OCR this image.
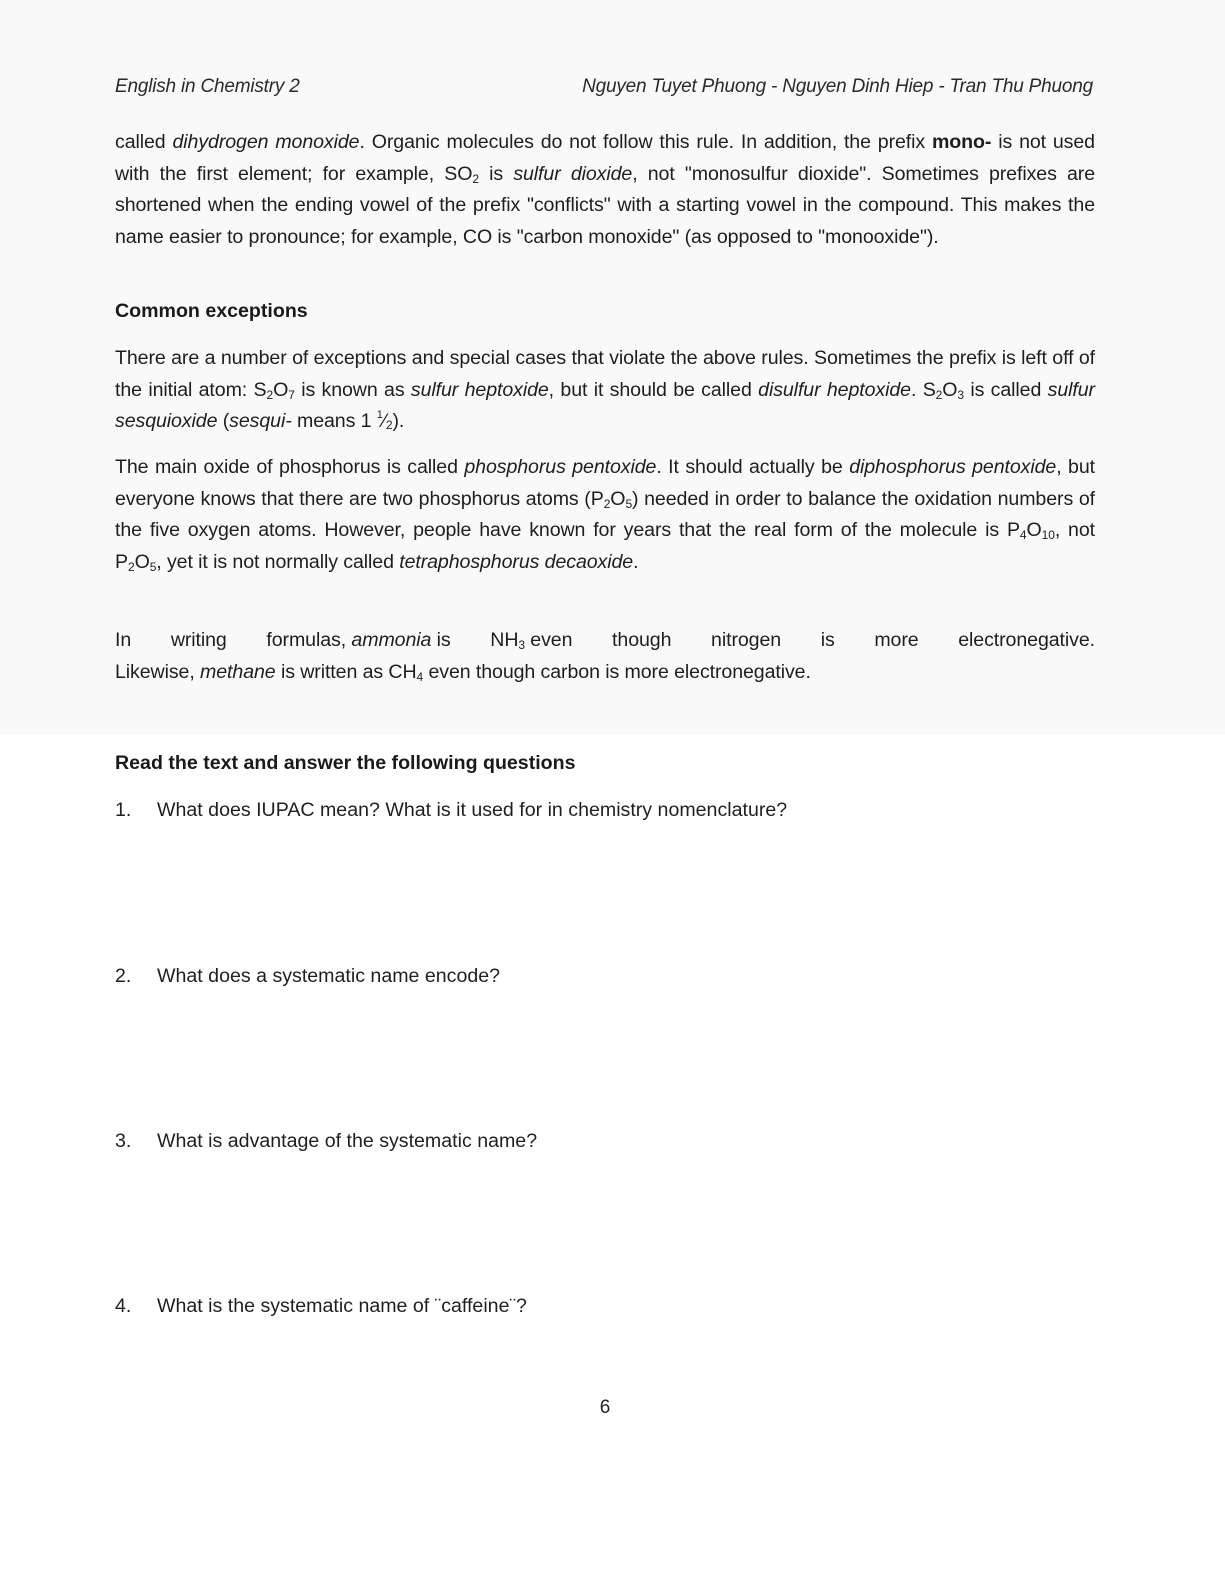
English in Chemistry 2	Nguyen Tuyet Phuong - Nguyen Dinh Hiep - Tran Thu Phuong
called dihydrogen monoxide. Organic molecules do not follow this rule. In addition, the prefix mono- is not used with the first element; for example, $SO_2$ is sulfur dioxide, not "monosulfur dioxide". Sometimes prefixes are shortened when the ending vowel of the prefix "conflicts" with a starting vowel in the compound. This makes the name easier to pronounce; for example, CO is "carbon monoxide" (as opposed to "monooxide").
Common exceptions
There are a number of exceptions and special cases that violate the above rules. Sometimes the prefix is left off of the initial atom: $S_2O_7$ is known as sulfur heptoxide, but it should be called disulfur heptoxide. $S_2O_3$ is called sulfur sesquioxide (sesqui- means 1 $^1⁄_2$).
The main oxide of phosphorus is called phosphorus pentoxide. It should actually be diphosphorus pentoxide, but everyone knows that there are two phosphorus atoms $(P_2O_5)$ needed in order to balance the oxidation numbers of the five oxygen atoms. However, people have known for years that the real form of the molecule is $P_4O_{10}$, not $P_2O_5$, yet it is not normally called tetraphosphorus decaoxide.
In writing formulas, ammonia is $NH_3$ even though nitrogen is more electronegative.
Likewise, methane is written as $CH_4$ even though carbon is more electronegative.
Read the text and answer the following questions
1.	What does IUPAC mean? What is it used for in chemistry nomenclature?
2.	What does a systematic name encode?
3.	What is advantage of the systematic name?
4.	What is the systematic name of ¨caffeine¨?
6
